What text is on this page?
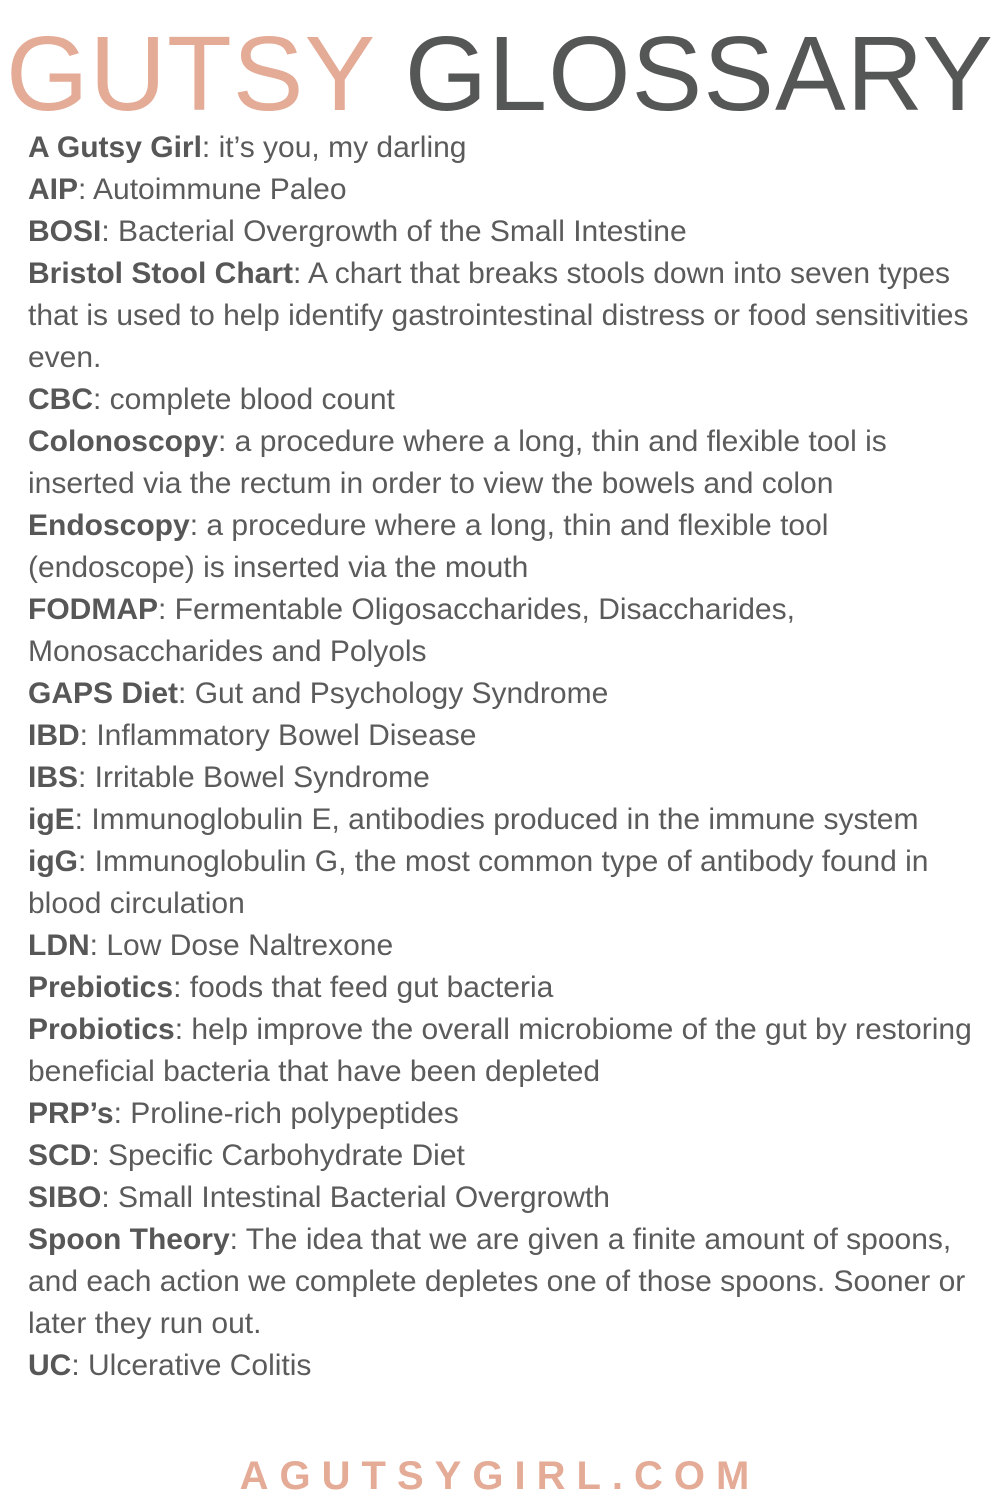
GUTSY GLOSSARY
A Gutsy Girl: it’s you, my darling
AIP: Autoimmune Paleo
BOSI: Bacterial Overgrowth of the Small Intestine
Bristol Stool Chart: A chart that breaks stools down into seven types that is used to help identify gastrointestinal distress or food sensitivities even.
CBC: complete blood count
Colonoscopy: a procedure where a long, thin and flexible tool is inserted via the rectum in order to view the bowels and colon
Endoscopy: a procedure where a long, thin and flexible tool (endoscope) is inserted via the mouth
FODMAP: Fermentable Oligosaccharides, Disaccharides, Monosaccharides and Polyols
GAPS Diet: Gut and Psychology Syndrome
IBD: Inflammatory Bowel Disease
IBS: Irritable Bowel Syndrome
igE: Immunoglobulin E, antibodies produced in the immune system
igG: Immunoglobulin G, the most common type of antibody found in blood circulation
LDN: Low Dose Naltrexone
Prebiotics: foods that feed gut bacteria
Probiotics: help improve the overall microbiome of the gut by restoring beneficial bacteria that have been depleted
PRP’s: Proline-rich polypeptides
SCD: Specific Carbohydrate Diet
SIBO: Small Intestinal Bacterial Overgrowth
Spoon Theory: The idea that we are given a finite amount of spoons, and each action we complete depletes one of those spoons. Sooner or later they run out.
UC: Ulcerative Colitis
AGUTSYGIRL.COM
